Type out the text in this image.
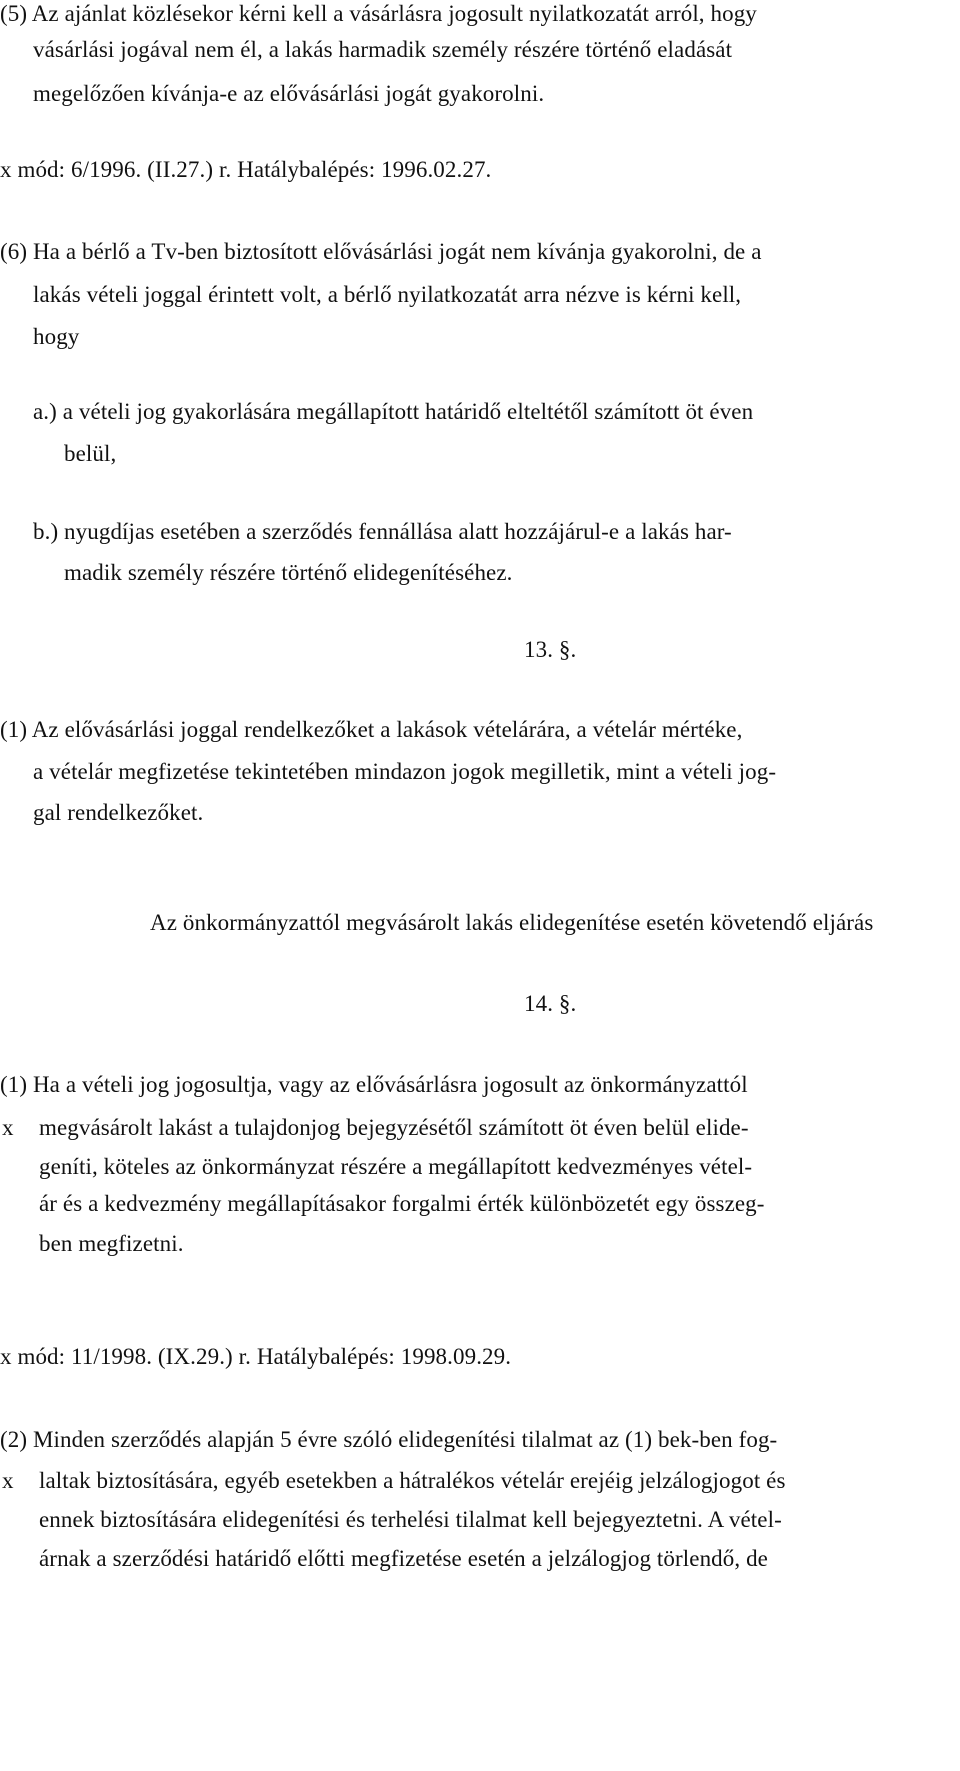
(5) Az ajánlat közlésekor kérni kell a vásárlásra jogosult nyilatkozatát arról, hogy
vásárlási jogával nem él, a lakás harmadik személy részére történő eladását
megelőzően kívánja-e az elővásárlási jogát gyakorolni.
x mód: 6/1996. (II.27.) r. Hatálybalépés: 1996.02.27.
(6) Ha a bérlő a Tv-ben biztosított elővásárlási jogát nem kívánja gyakorolni, de a
lakás vételi joggal érintett volt, a bérlő nyilatkozatát arra nézve is kérni kell,
hogy
a.) a vételi jog gyakorlására megállapított határidő elteltétől számított öt éven
belül,
b.) nyugdíjas esetében a szerződés fennállása alatt hozzájárul-e a lakás har-
madik személy részére történő elidegenítéséhez.
13. §.
(1) Az elővásárlási joggal rendelkezőket a lakások vételárára, a vételár mértéke,
a vételár megfizetése tekintetében mindazon jogok megilletik, mint a vételi jog-
gal rendelkezőket.
Az önkormányzattól megvásárolt lakás elidegenítése esetén követendő eljárás
14. §.
(1) Ha a vételi jog jogosultja, vagy az elővásárlásra jogosult az önkormányzattól
x megvásárolt lakást a tulajdonjog bejegyzésétől számított öt éven belül elide-
geníti, köteles az önkormányzat részére a megállapított kedvezményes vétel-
ár és a kedvezmény megállapításakor forgalmi érték különbözetét egy összeg-
ben megfizetni.
x mód: 11/1998. (IX.29.) r. Hatálybalépés: 1998.09.29.
(2) Minden szerződés alapján 5 évre szóló elidegenítési tilalmat az (1) bek-ben fog-
x laltak biztosítására, egyéb esetekben a hátralékos vételár erejéig jelzálogjogot és
ennek biztosítására elidegenítési és terhelési tilalmat kell bejegyeztetni. A vétel-
árnak a szerződési határidő előtti megfizetése esetén a jelzálogjog törlendő, de
